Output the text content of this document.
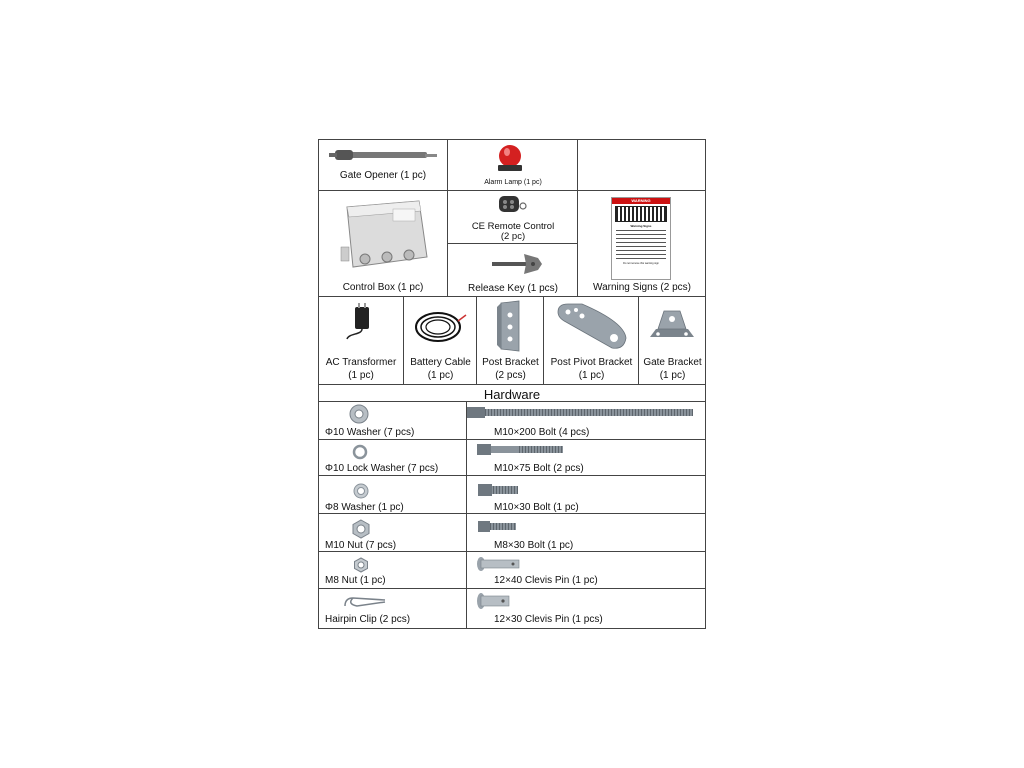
Gate Opener (1 pc)
Alarm Lamp (1 pc)
Control Box (1 pc)
CE Remote Control
(2 pc)
Release Key (1 pcs)
WARNING
Warning Signs
Do not remove this warning sign
Warning Signs (2 pcs)
AC Transformer
(1 pc)
Battery Cable
(1 pc)
Post Bracket
(2 pcs)
Post Pivot Bracket
(1 pc)
Gate Bracket
(1 pc)
Hardware
Φ10 Washer (7 pcs)	M10×200 Bolt (4 pcs)
Φ10 Lock Washer (7 pcs)	M10×75 Bolt (2 pcs)
Φ8 Washer (1 pc)	M10×30 Bolt (1 pc)
M10 Nut (7 pcs)	M8×30 Bolt (1 pc)
M8 Nut (1 pc)	12×40 Clevis Pin (1 pc)
Hairpin Clip (2 pcs)	12×30 Clevis Pin (1 pcs)
